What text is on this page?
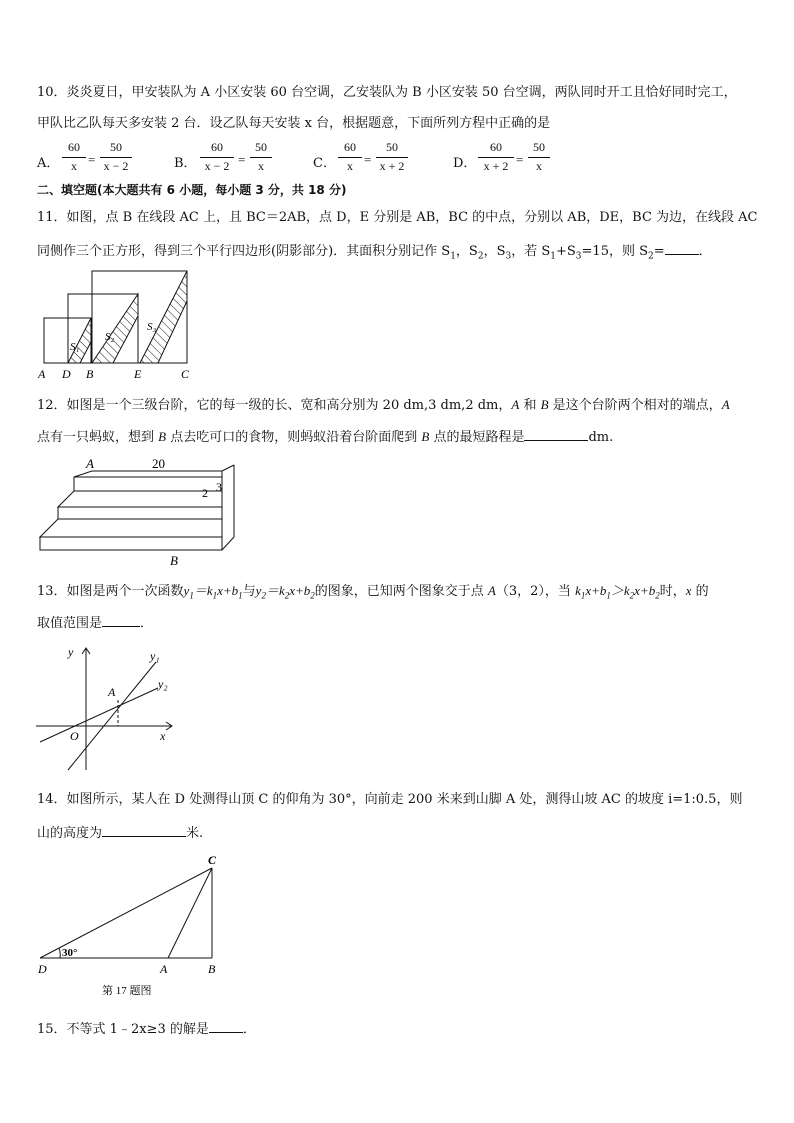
10．炎炎夏日，甲安装队为 A 小区安装 60 台空调，乙安装队为 B 小区安装 50 台空调，两队同时开工且恰好同时完工，
甲队比乙队每天多安装 2 台．设乙队每天安装 x 台，根据题意，下面所列方程中正确的是
A．
60
x =
50
x − 2	B．
60
x − 2 =
50
x	C．
60
x =
50
x + 2	D．
60
x + 2 =
50
x
二、填空题(本大题共有 6 小题，每小题 3 分，共 18 分)
11．如图，点 B 在线段 AC 上，且 BC＝2AB，点 D，E 分别是 AB，BC 的中点，分别以 AB，DE，BC 为边，在线段 AC
同侧作三个正方形，得到三个平行四边形(阴影部分)．其面积分别记作 $S_1$，$S_2$，$S_3$，若 $S_1+S_3=15$，则 $S_2=$	．
S₁
S₂
S₃
A D B	E	C
12．如图是一个三级台阶，它的每一级的长、宽和高分别为 20 dm,3 dm,2 dm，A 和 B 是这个台阶两个相对的端点，A
点有一只蚂蚁，想到 B 点去吃可口的食物，则蚂蚁沿着台阶面爬到 B 点的最短路程是	dm.
A	20
2 3
B
13．如图是两个一次函数$y_1=k_1x+b_1$与$y_2=k_2x+b_2$的图象，已知两个图象交于点 A（3，2），当 $k_1x+b_1>k_2x+b_2$时，x 的
取值范围是	．
y
x
O
A
y₁
y₂
14．如图所示，某人在 D 处测得山顶 C 的仰角为 30°，向前走 200 米来到山脚 A 处，测得山坡 AC 的坡度 i=1:0.5，则
山的高度为	米.
30°
C
D	A	B
第 17 题图
15．不等式 1﹣2x≥3 的解是	．
